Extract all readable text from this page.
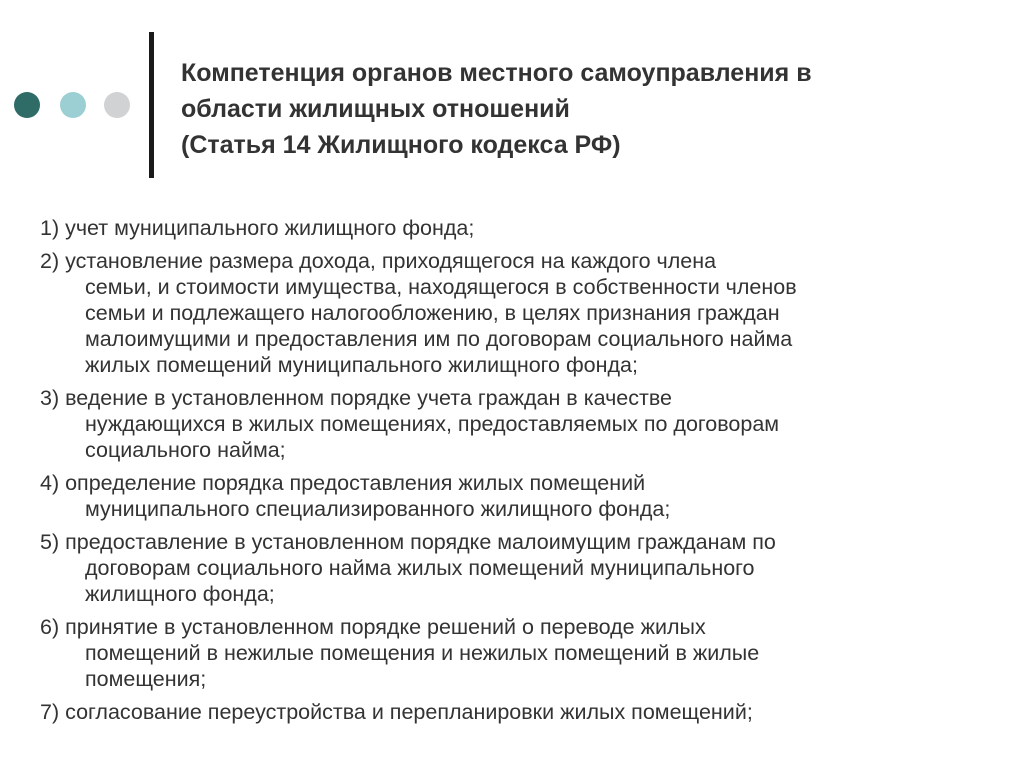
Компетенция органов местного самоуправления в
области жилищных отношений
(Статья 14 Жилищного кодекса РФ)
1) учет муниципального жилищного фонда;
2) установление размера дохода, приходящегося на каждого члена
семьи, и стоимости имущества, находящегося в собственности членов
семьи и подлежащего налогообложению, в целях признания граждан
малоимущими и предоставления им по договорам социального найма
жилых помещений муниципального жилищного фонда;
3) ведение в установленном порядке учета граждан в качестве
нуждающихся в жилых помещениях, предоставляемых по договорам
социального найма;
4) определение порядка предоставления жилых помещений
муниципального специализированного жилищного фонда;
5) предоставление в установленном порядке малоимущим гражданам по
договорам социального найма жилых помещений муниципального
жилищного фонда;
6) принятие в установленном порядке решений о переводе жилых
помещений в нежилые помещения и нежилых помещений в жилые
помещения;
7) согласование переустройства и перепланировки жилых помещений;
